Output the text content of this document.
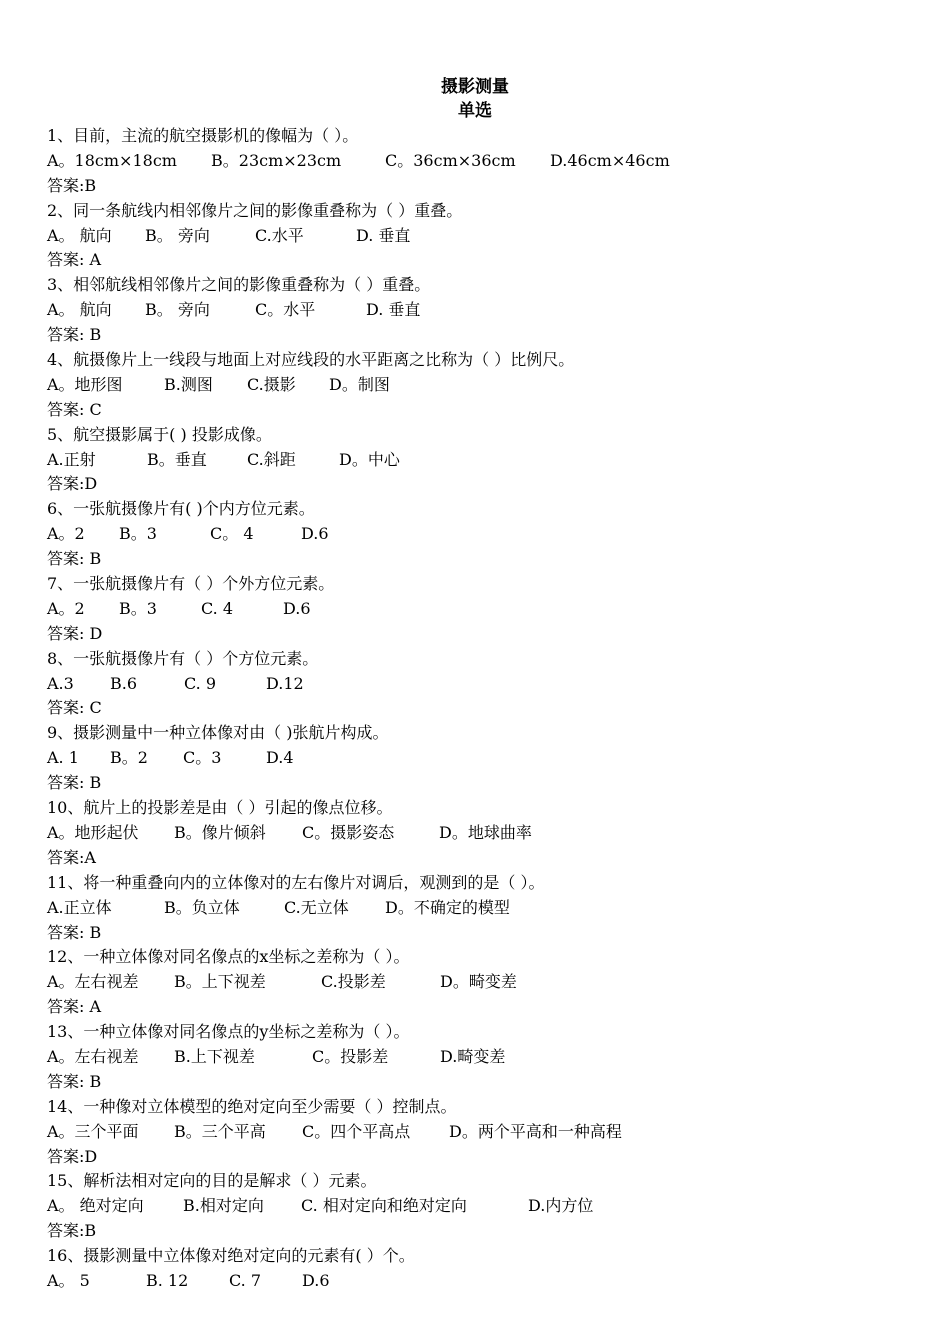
摄影测量
单选
1、目前，主流的航空摄影机的像幅为（ ）。
A。18cm×18cm B。23cm×23cm	C。36cm×36cm D.46cm×46cm
答案:B
2、同一条航线内相邻像片之间的影像重叠称为（ ）重叠。
A。 航向 B。 旁向	C.水平	D. 垂直
答案: A
3、相邻航线相邻像片之间的影像重叠称为（ ）重叠。
A。 航向 B。 旁向	C。水平	D. 垂直
答案: B
4、航摄像片上一线段与地面上对应线段的水平距离之比称为（ ）比例尺。
A。地形图	B.测图 C.摄影 D。制图
答案: C
5、航空摄影属于( ) 投影成像。
A.正射	B。垂直	C.斜距	D。中心
答案:D
6、一张航摄像片有( )个内方位元素。
A。2 B。3	C。 4	D.6
答案: B
7、一张航摄像片有（ ）个外方位元素。
A。2 B。3	C. 4	D.6
答案: D
8、一张航摄像片有（ ）个方位元素。
A.3 B.6	C. 9	D.12
答案: C
9、摄影测量中一种立体像对由（ )张航片构成。
A. 1 B。2 C。3	D.4
答案: B
10、航片上的投影差是由（ ）引起的像点位移。
A。地形起伏 B。像片倾斜 C。摄影姿态	D。地球曲率
答案:A
11、将一种重叠向内的立体像对的左右像片对调后，观测到的是（ ）。
A.正立体	B。负立体	C.无立体 D。不确定的模型
答案: B
12、一种立体像对同名像点的x坐标之差称为（ ）。
A。左右视差 B。上下视差	C.投影差	D。畸变差
答案: A
13、一种立体像对同名像点的y坐标之差称为（ ）。
A。左右视差 B.上下视差	C。投影差	D.畸变差
答案: B
14、一种像对立体模型的绝对定向至少需要（ ）控制点。
A。三个平面 B。三个平高 C。四个平高点 D。两个平高和一种高程
答案:D
15、解析法相对定向的目的是解求（ ）元素。
A。 绝对定向 B.相对定向 C. 相对定向和绝对定向	D.内方位
答案:B
16、摄影测量中立体像对绝对定向的元素有( ）个。
A。 5	B. 12	C. 7	D.6
